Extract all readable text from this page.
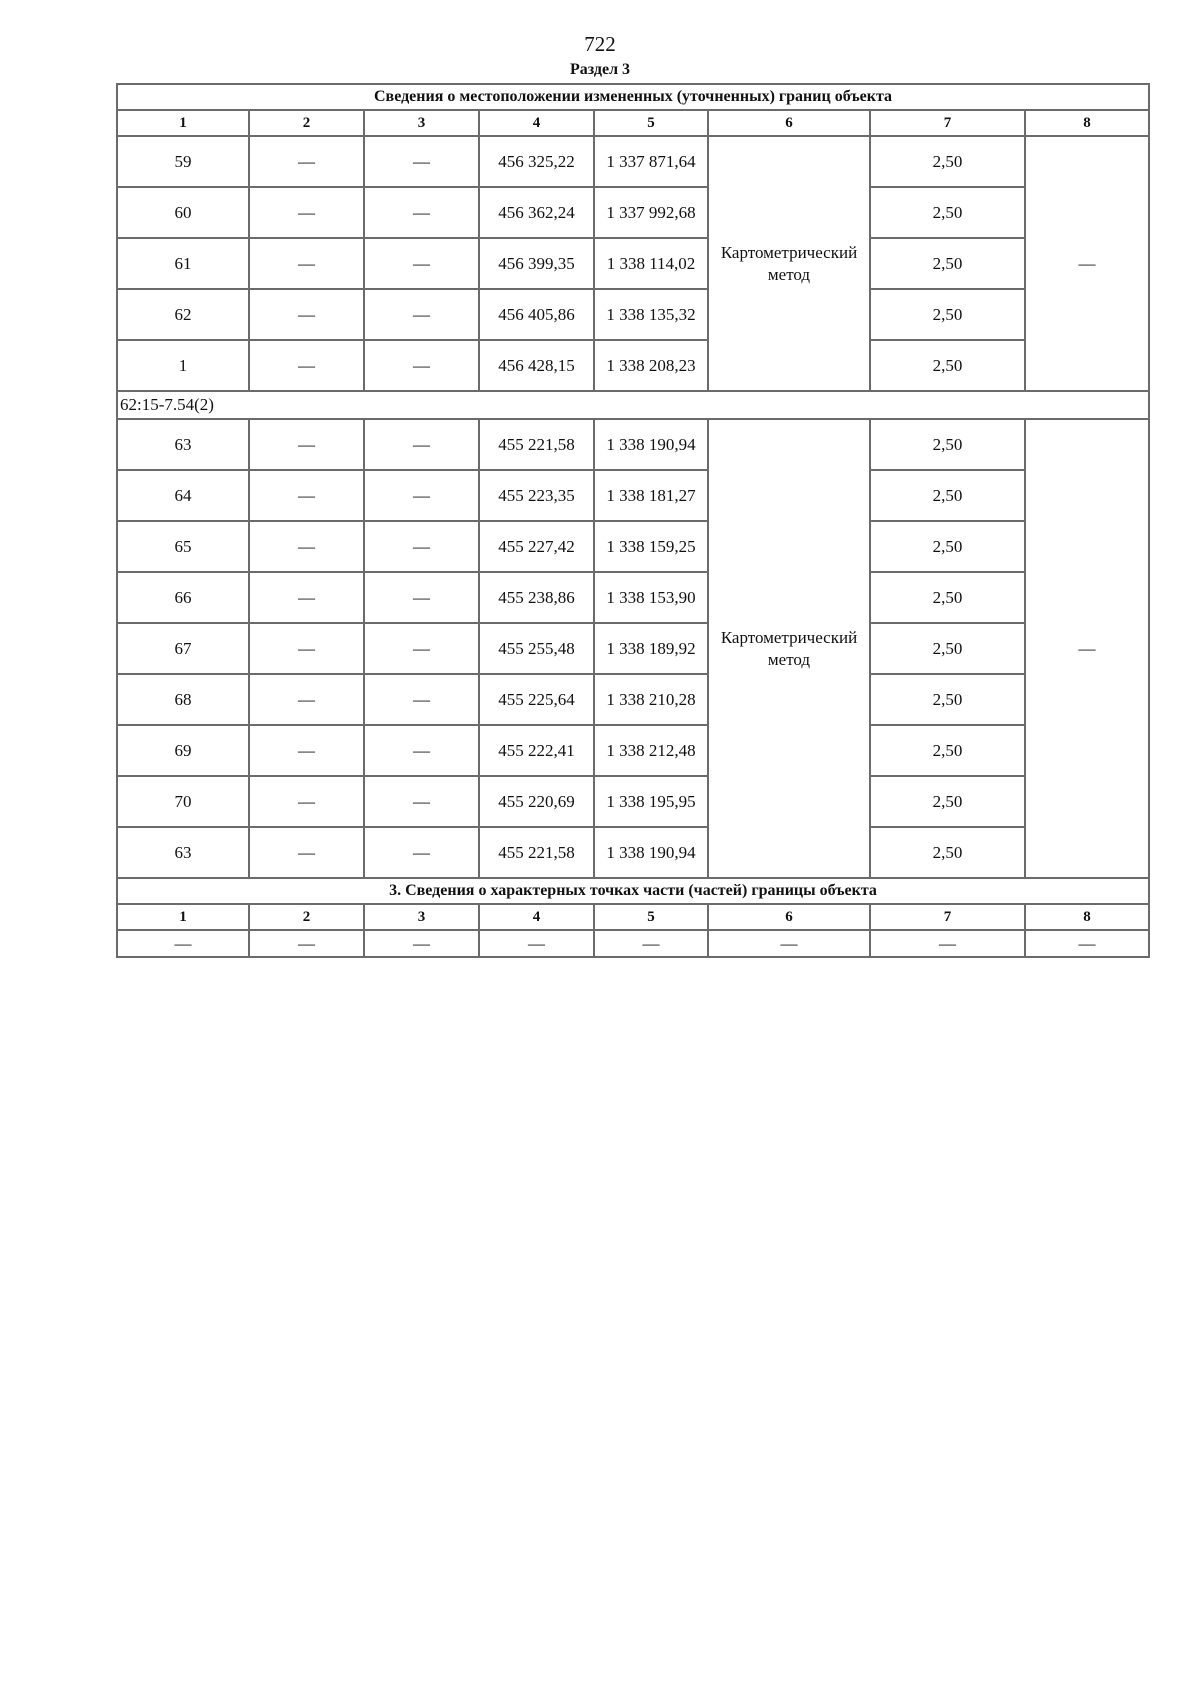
722
Раздел 3
Сведения о местоположении измененных (уточненных) границ объекта							
1	2	3	4	5	6	7	8
59	—	—	456 325,22	1 337 871,64	Картометрический метод	2,50	—
60	—	—	456 362,24	1 337 992,68		2,50	
61	—	—	456 399,35	1 338 114,02		2,50	
62	—	—	456 405,86	1 338 135,32		2,50	
1	—	—	456 428,15	1 338 208,23		2,50	
62:15-7.54(2)							
63	—	—	455 221,58	1 338 190,94	Картометрический метод	2,50	—
64	—	—	455 223,35	1 338 181,27		2,50	
65	—	—	455 227,42	1 338 159,25		2,50	
66	—	—	455 238,86	1 338 153,90		2,50	
67	—	—	455 255,48	1 338 189,92		2,50	
68	—	—	455 225,64	1 338 210,28		2,50	
69	—	—	455 222,41	1 338 212,48		2,50	
70	—	—	455 220,69	1 338 195,95		2,50	
63	—	—	455 221,58	1 338 190,94		2,50	
3. Сведения о характерных точках части (частей) границы объекта							
1	2	3	4	5	6	7	8
—	—	—	—	—	—	—	—
